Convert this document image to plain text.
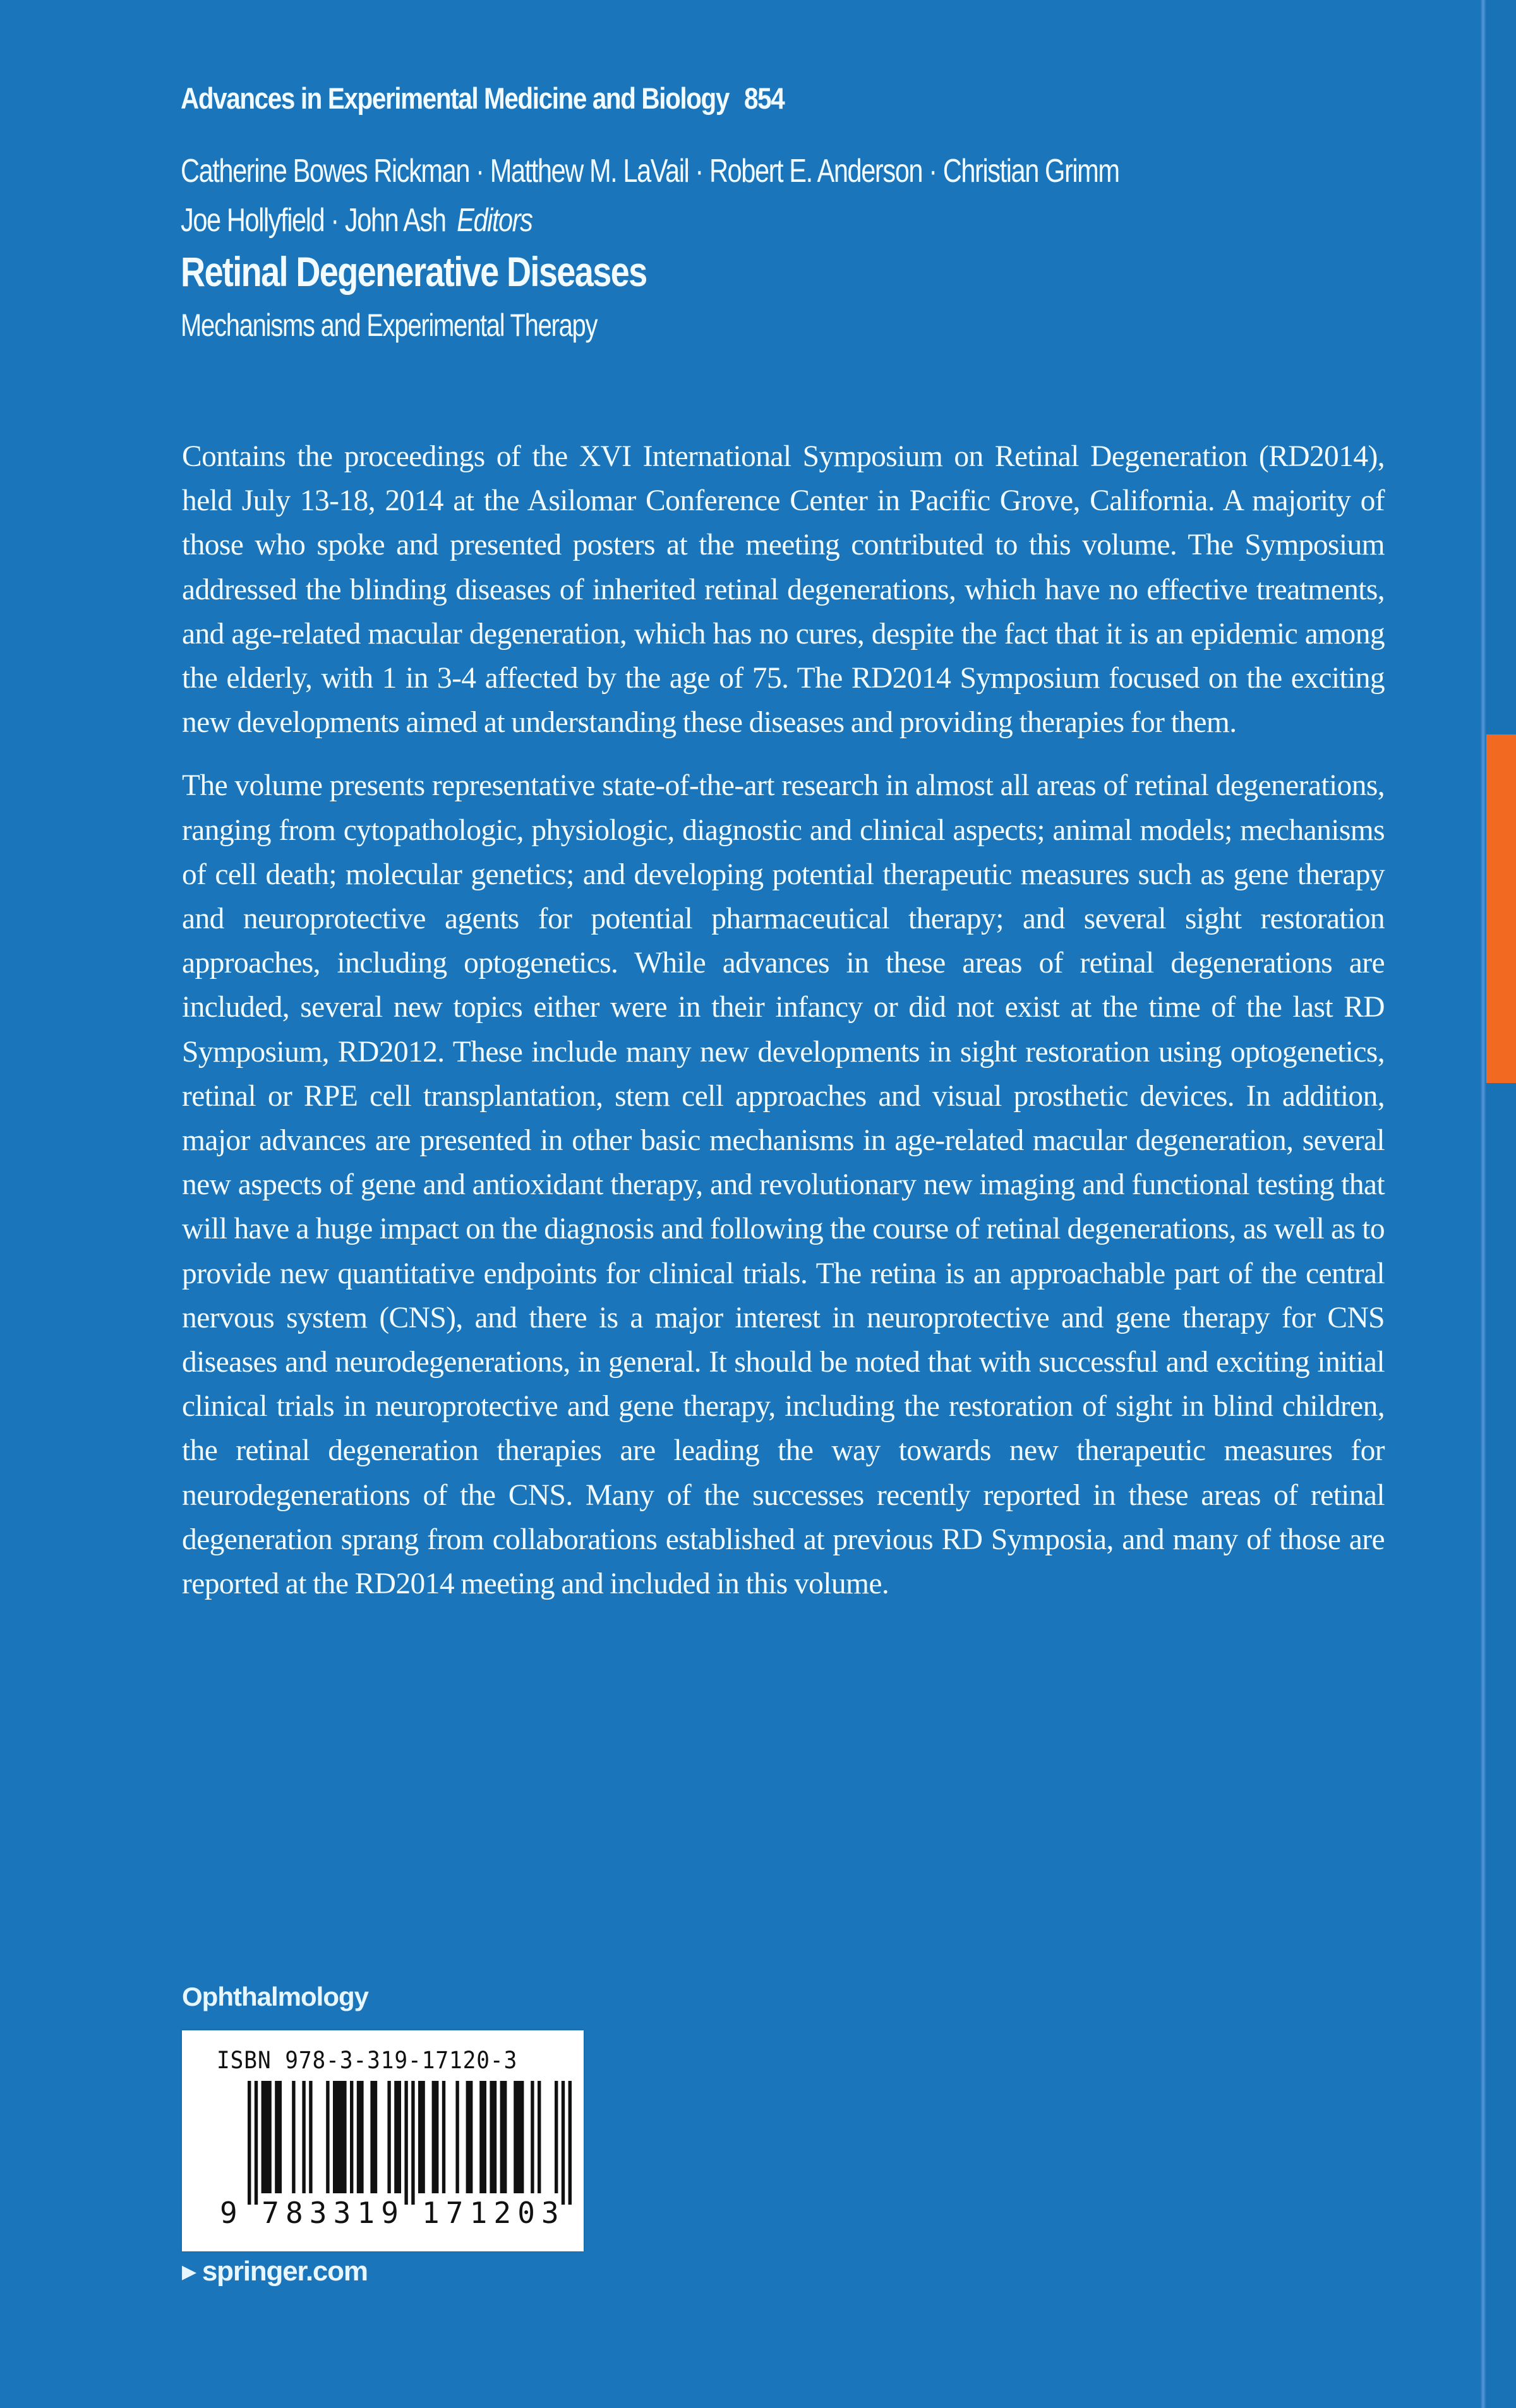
Advances in Experimental Medicine and Biology 854
Catherine Bowes Rickman · Matthew M. LaVail · Robert E. Anderson · Christian Grimm
Joe Hollyfield · John Ash Editors
Retinal Degenerative Diseases
Mechanisms and Experimental Therapy

Contains the proceedings of the XVI International Symposium on Retinal Degeneration (RD2014), held July 13-18, 2014 at the Asilomar Conference Center in Pacific Grove, California. A majority of those who spoke and presented posters at the meeting contributed to this volume. The Symposium addressed the blinding diseases of inherited retinal degenerations, which have no effective treatments, and age-related macular degeneration, which has no cures, despite the fact that it is an epidemic among the elderly, with 1 in 3-4 affected by the age of 75. The RD2014 Symposium focused on the exciting new developments aimed at understanding these diseases and providing therapies for them.

The volume presents representative state-of-the-art research in almost all areas of retinal degenerations, ranging from cytopathologic, physiologic, diagnostic and clinical aspects; animal models; mechanisms of cell death; molecular genetics; and developing potential therapeutic measures such as gene therapy and neuroprotective agents for potential pharmaceutical therapy; and several sight restoration approaches, including optogenetics. While advances in these areas of retinal degenerations are included, several new topics either were in their infancy or did not exist at the time of the last RD Symposium, RD2012. These include many new developments in sight restoration using optogenetics, retinal or RPE cell transplantation, stem cell approaches and visual prosthetic devices. In addition, major advances are presented in other basic mechanisms in age-related macular degeneration, several new aspects of gene and antioxidant therapy, and revolutionary new imaging and functional testing that will have a huge impact on the diagnosis and following the course of retinal degenerations, as well as to provide new quantitative endpoints for clinical trials. The retina is an approachable part of the central nervous system (CNS), and there is a major interest in neuroprotective and gene therapy for CNS diseases and neurodegenerations, in general. It should be noted that with successful and exciting initial clinical trials in neuroprotective and gene therapy, including the restoration of sight in blind children, the retinal degeneration therapies are leading the way towards new therapeutic measures for neurodegenerations of the CNS. Many of the successes recently reported in these areas of retinal degeneration sprang from collaborations established at previous RD Symposia, and many of those are reported at the RD2014 meeting and included in this volume.

Ophthalmology
ISBN 978-3-319-17120-3
9 7 8 3 3 1 9 1 7 1 2 0 3
▶ springer.com
